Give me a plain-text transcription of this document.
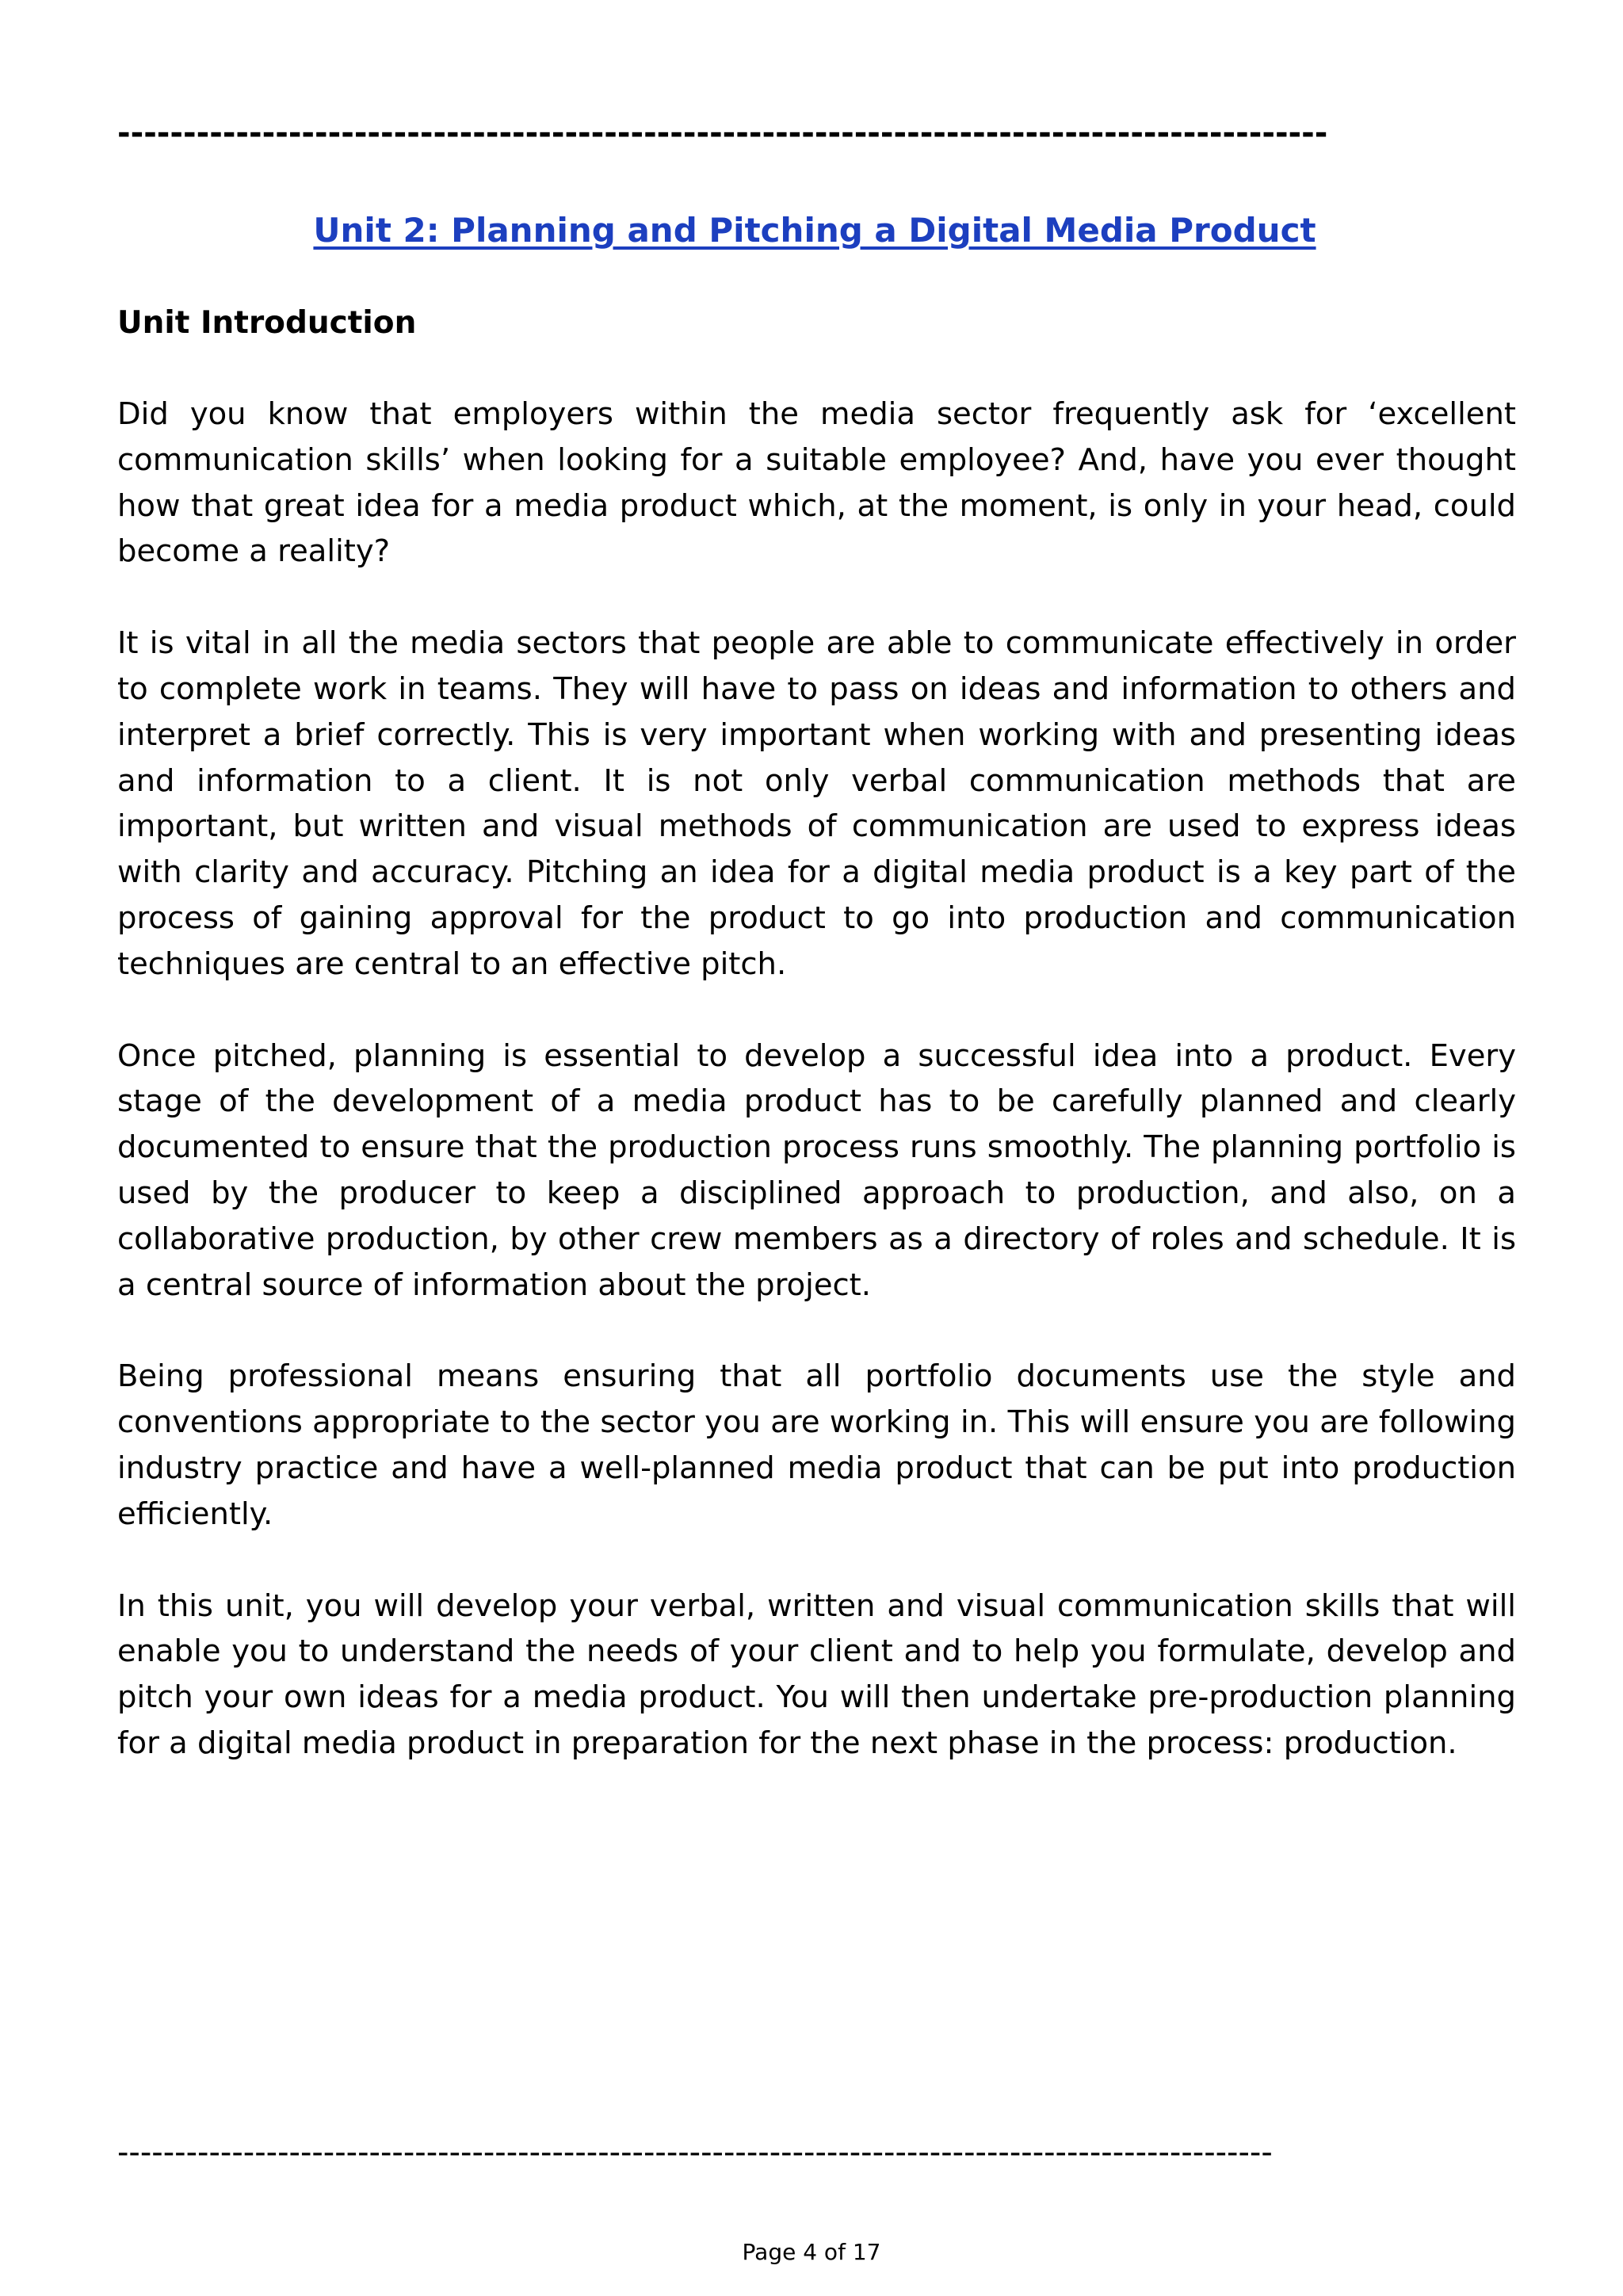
--------------------------------------------------------------------------------------------
Unit 2: Planning and Pitching a Digital Media Product
Unit Introduction

Did you know that employers within the media sector frequently ask for ‘excellent communication skills’ when looking for a suitable employee? And, have you ever thought how that great idea for a media product which, at the moment, is only in your head, could become a reality?

It is vital in all the media sectors that people are able to communicate effectively in order to complete work in teams. They will have to pass on ideas and information to others and interpret a brief correctly. This is very important when working with and presenting ideas and information to a client. It is not only verbal communication methods that are important, but written and visual methods of communication are used to express ideas with clarity and accuracy. Pitching an idea for a digital media product is a key part of the process of gaining approval for the product to go into production and communication techniques are central to an effective pitch.

Once pitched, planning is essential to develop a successful idea into a product. Every stage of the development of a media product has to be carefully planned and clearly documented to ensure that the production process runs smoothly. The planning portfolio is used by the producer to keep a disciplined approach to production, and also, on a collaborative production, by other crew members as a directory of roles and schedule. It is a central source of information about the project.

Being professional means ensuring that all portfolio documents use the style and conventions appropriate to the sector you are working in. This will ensure you are following industry practice and have a well-planned media product that can be put into production efficiently.

In this unit, you will develop your verbal, written and visual communication skills that will enable you to understand the needs of your client and to help you formulate, develop and pitch your own ideas for a media product. You will then undertake pre-production planning for a digital media product in preparation for the next phase in the process: production.

-----------------------------------------------------------------------------------------------------
Page 4 of 17
